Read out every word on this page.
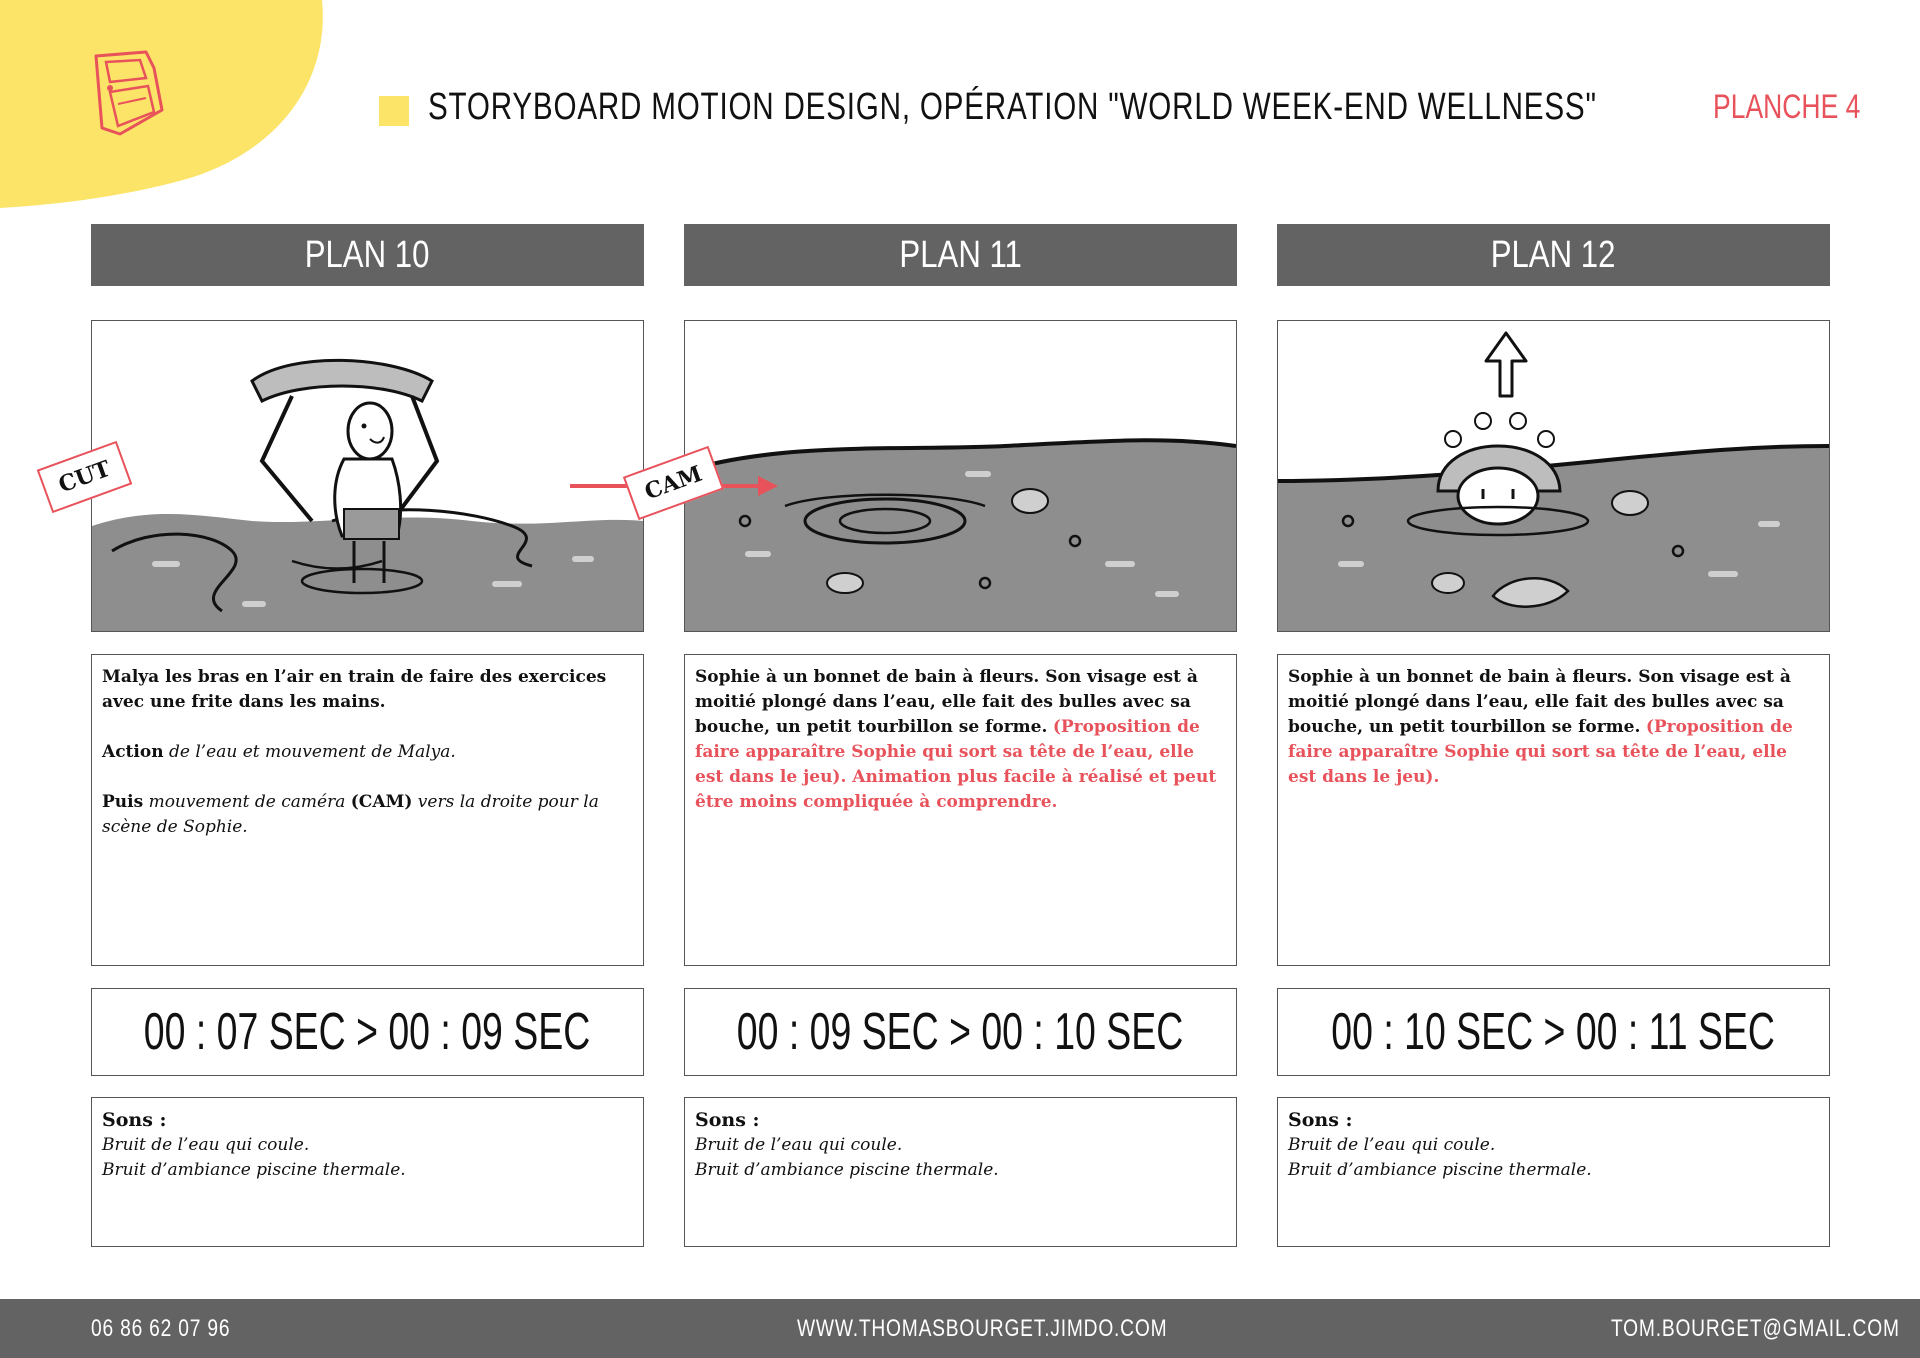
STORYBOARD MOTION DESIGN, OPÉRATION "WORLD WEEK-END WELLNESS"	PLANCHE 4
PLAN 10

Malya les bras en l’air en train de faire des exercices avec une frite dans les mains.

Action de l’eau et mouvement de Malya.

Puis mouvement de caméra (CAM) vers la droite pour la scène de Sophie.

00 : 07 SEC > 00 : 09 SEC
Sons :
Bruit de l’eau qui coule.
Bruit d’ambiance piscine thermale.
PLAN 11
Sophie à un bonnet de bain à fleurs. Son visage est à moitié plongé dans l’eau, elle fait des bulles avec sa bouche, un petit tourbillon se forme. (Proposition de faire apparaître Sophie qui sort sa tête de l’eau, elle est dans le jeu). Animation plus facile à réalisé et peut être moins compliquée à comprendre.
00 : 09 SEC > 00 : 10 SEC
Sons :
Bruit de l’eau qui coule.
Bruit d’ambiance piscine thermale.
PLAN 12
Sophie à un bonnet de bain à fleurs. Son visage est à moitié plongé dans l’eau, elle fait des bulles avec sa bouche, un petit tourbillon se forme. (Proposition de faire apparaître Sophie qui sort sa tête de l’eau, elle est dans le jeu).
00 : 10 SEC > 00 : 11 SEC
Sons :
Bruit de l’eau qui coule.
Bruit d’ambiance piscine thermale.
CUT	CAM
06 86 62 07 96	WWW.THOMASBOURGET.JIMDO.COM	TOM.BOURGET@GMAIL.COM
